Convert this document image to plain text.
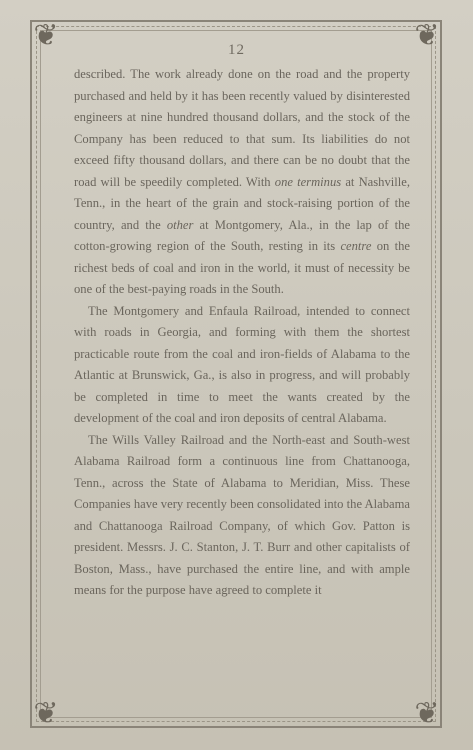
❦	❦
❦	❦
12

described. The work already done on the road and the property purchased and held by it has been recently valued by disinterested engineers at nine hundred thousand dollars, and the stock of the Company has been reduced to that sum. Its liabilities do not exceed fifty thousand dollars, and there can be no doubt that the road will be speedily completed. With one terminus at Nashville, Tenn., in the heart of the grain and stock-raising portion of the country, and the other at Montgomery, Ala., in the lap of the cotton-growing region of the South, resting in its centre on the richest beds of coal and iron in the world, it must of necessity be one of the best-paying roads in the South.

The Montgomery and Enfaula Railroad, intended to connect with roads in Georgia, and forming with them the shortest practicable route from the coal and iron-fields of Alabama to the Atlantic at Brunswick, Ga., is also in progress, and will probably be completed in time to meet the wants created by the development of the coal and iron deposits of central Alabama.

The Wills Valley Railroad and the North-east and South-west Alabama Railroad form a continuous line from Chattanooga, Tenn., across the State of Alabama to Meridian, Miss. These Companies have very recently been consolidated into the Alabama and Chattanooga Railroad Company, of which Gov. Patton is president. Messrs. J. C. Stanton, J. T. Burr and other capitalists of Boston, Mass., have purchased the entire line, and with ample means for the purpose have agreed to complete it
